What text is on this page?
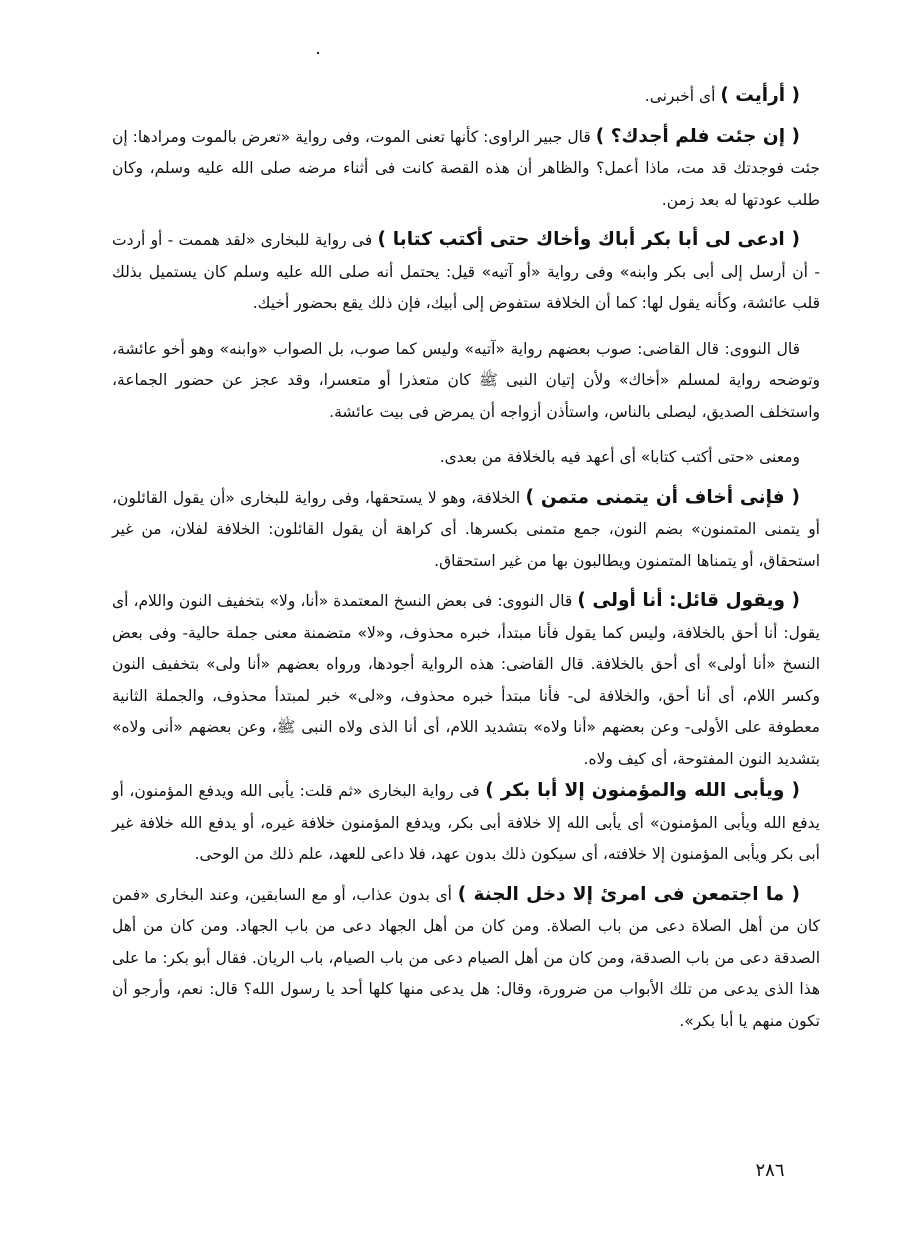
( أرأيت ) أى أخبرنى.

( إن جئت فلم أجدك؟ ) قال جبير الراوى: كأنها تعنى الموت، وفى رواية «تعرض بالموت ومرادها: إن جئت فوجدتك قد مت، ماذا أعمل؟ والظاهر أن هذه القصة كانت فى أثناء مرضه صلى الله عليه وسلم، وكان طلب عودتها له بعد زمن.

( ادعى لى أبا بكر أباك وأخاك حتى أكتب كتابا ) فى رواية للبخارى «لقد هممت - أو أردت - أن أرسل إلى أبى بكر وابنه» وفى رواية «أو آتيه» قيل: يحتمل أنه صلى الله عليه وسلم كان يستميل بذلك قلب عائشة، وكأنه يقول لها: كما أن الخلافة ستفوض إلى أبيك، فإن ذلك يقع بحضور أخيك.

قال النووى: قال القاضى: صوب بعضهم رواية «آتيه» وليس كما صوب، بل الصواب «وابنه» وهو أخو عائشة، وتوضحه رواية لمسلم «أخاك» ولأن إتيان النبى ﷺ كان متعذرا أو متعسرا، وقد عجز عن حضور الجماعة، واستخلف الصديق، ليصلى بالناس، واستأذن أزواجه أن يمرض فى بيت عائشة.

ومعنى «حتى أكتب كتابا» أى أعهد فيه بالخلافة من بعدى.

( فإنى أخاف أن يتمنى متمن ) الخلافة، وهو لا يستحقها، وفى رواية للبخارى «أن يقول القائلون، أو يتمنى المتمنون» بضم النون، جمع متمنى بكسرها. أى كراهة أن يقول القائلون: الخلافة لفلان، من غير استحقاق، أو يتمناها المتمنون ويطالبون بها من غير استحقاق.

( ويقول قائل: أنا أولى ) قال النووى: فى بعض النسخ المعتمدة «أنا، ولا» بتخفيف النون واللام، أى يقول: أنا أحق بالخلافة، وليس كما يقول فأنا مبتدأ، خبره محذوف، و«لا» متضمنة معنى جملة حالية- وفى بعض النسخ «أنا أولى» أى أحق بالخلافة. قال القاضى: هذه الرواية أجودها، ورواه بعضهم «أنا ولى» بتخفيف النون وكسر اللام، أى أنا أحق، والخلافة لى- فأنا مبتدأ خبره محذوف، و«لى» خبر لمبتدأ محذوف، والجملة الثانية معطوفة على الأولى- وعن بعضهم «أنا ولاه» بتشديد اللام، أى أنا الذى ولاه النبى ﷺ، وعن بعضهم «أنى ولاه» بتشديد النون المفتوحة، أى كيف ولاه.

( ويأبى الله والمؤمنون إلا أبا بكر ) فى رواية البخارى «ثم قلت: يأبى الله ويدفع المؤمنون، أو يدفع الله ويأبى المؤمنون» أى يأبى الله إلا خلافة أبى بكر، ويدفع المؤمنون خلافة غيره، أو يدفع الله خلافة غير أبى بكر ويأبى المؤمنون إلا خلافته، أى سيكون ذلك بدون عهد، فلا داعى للعهد، علم ذلك من الوحى.

( ما اجتمعن فى امرئ إلا دخل الجنة ) أى بدون عذاب، أو مع السابقين، وعند البخارى «فمن كان من أهل الصلاة دعى من باب الصلاة. ومن كان من أهل الجهاد دعى من باب الجهاد. ومن كان من أهل الصدقة دعى من باب الصدقة، ومن كان من أهل الصيام دعى من باب الصيام، باب الريان. فقال أبو بكر: ما على هذا الذى يدعى من تلك الأبواب من ضرورة، وقال: هل يدعى منها كلها أحد يا رسول الله؟ قال: نعم، وأرجو أن تكون منهم يا أبا بكر».

٢٨٦
